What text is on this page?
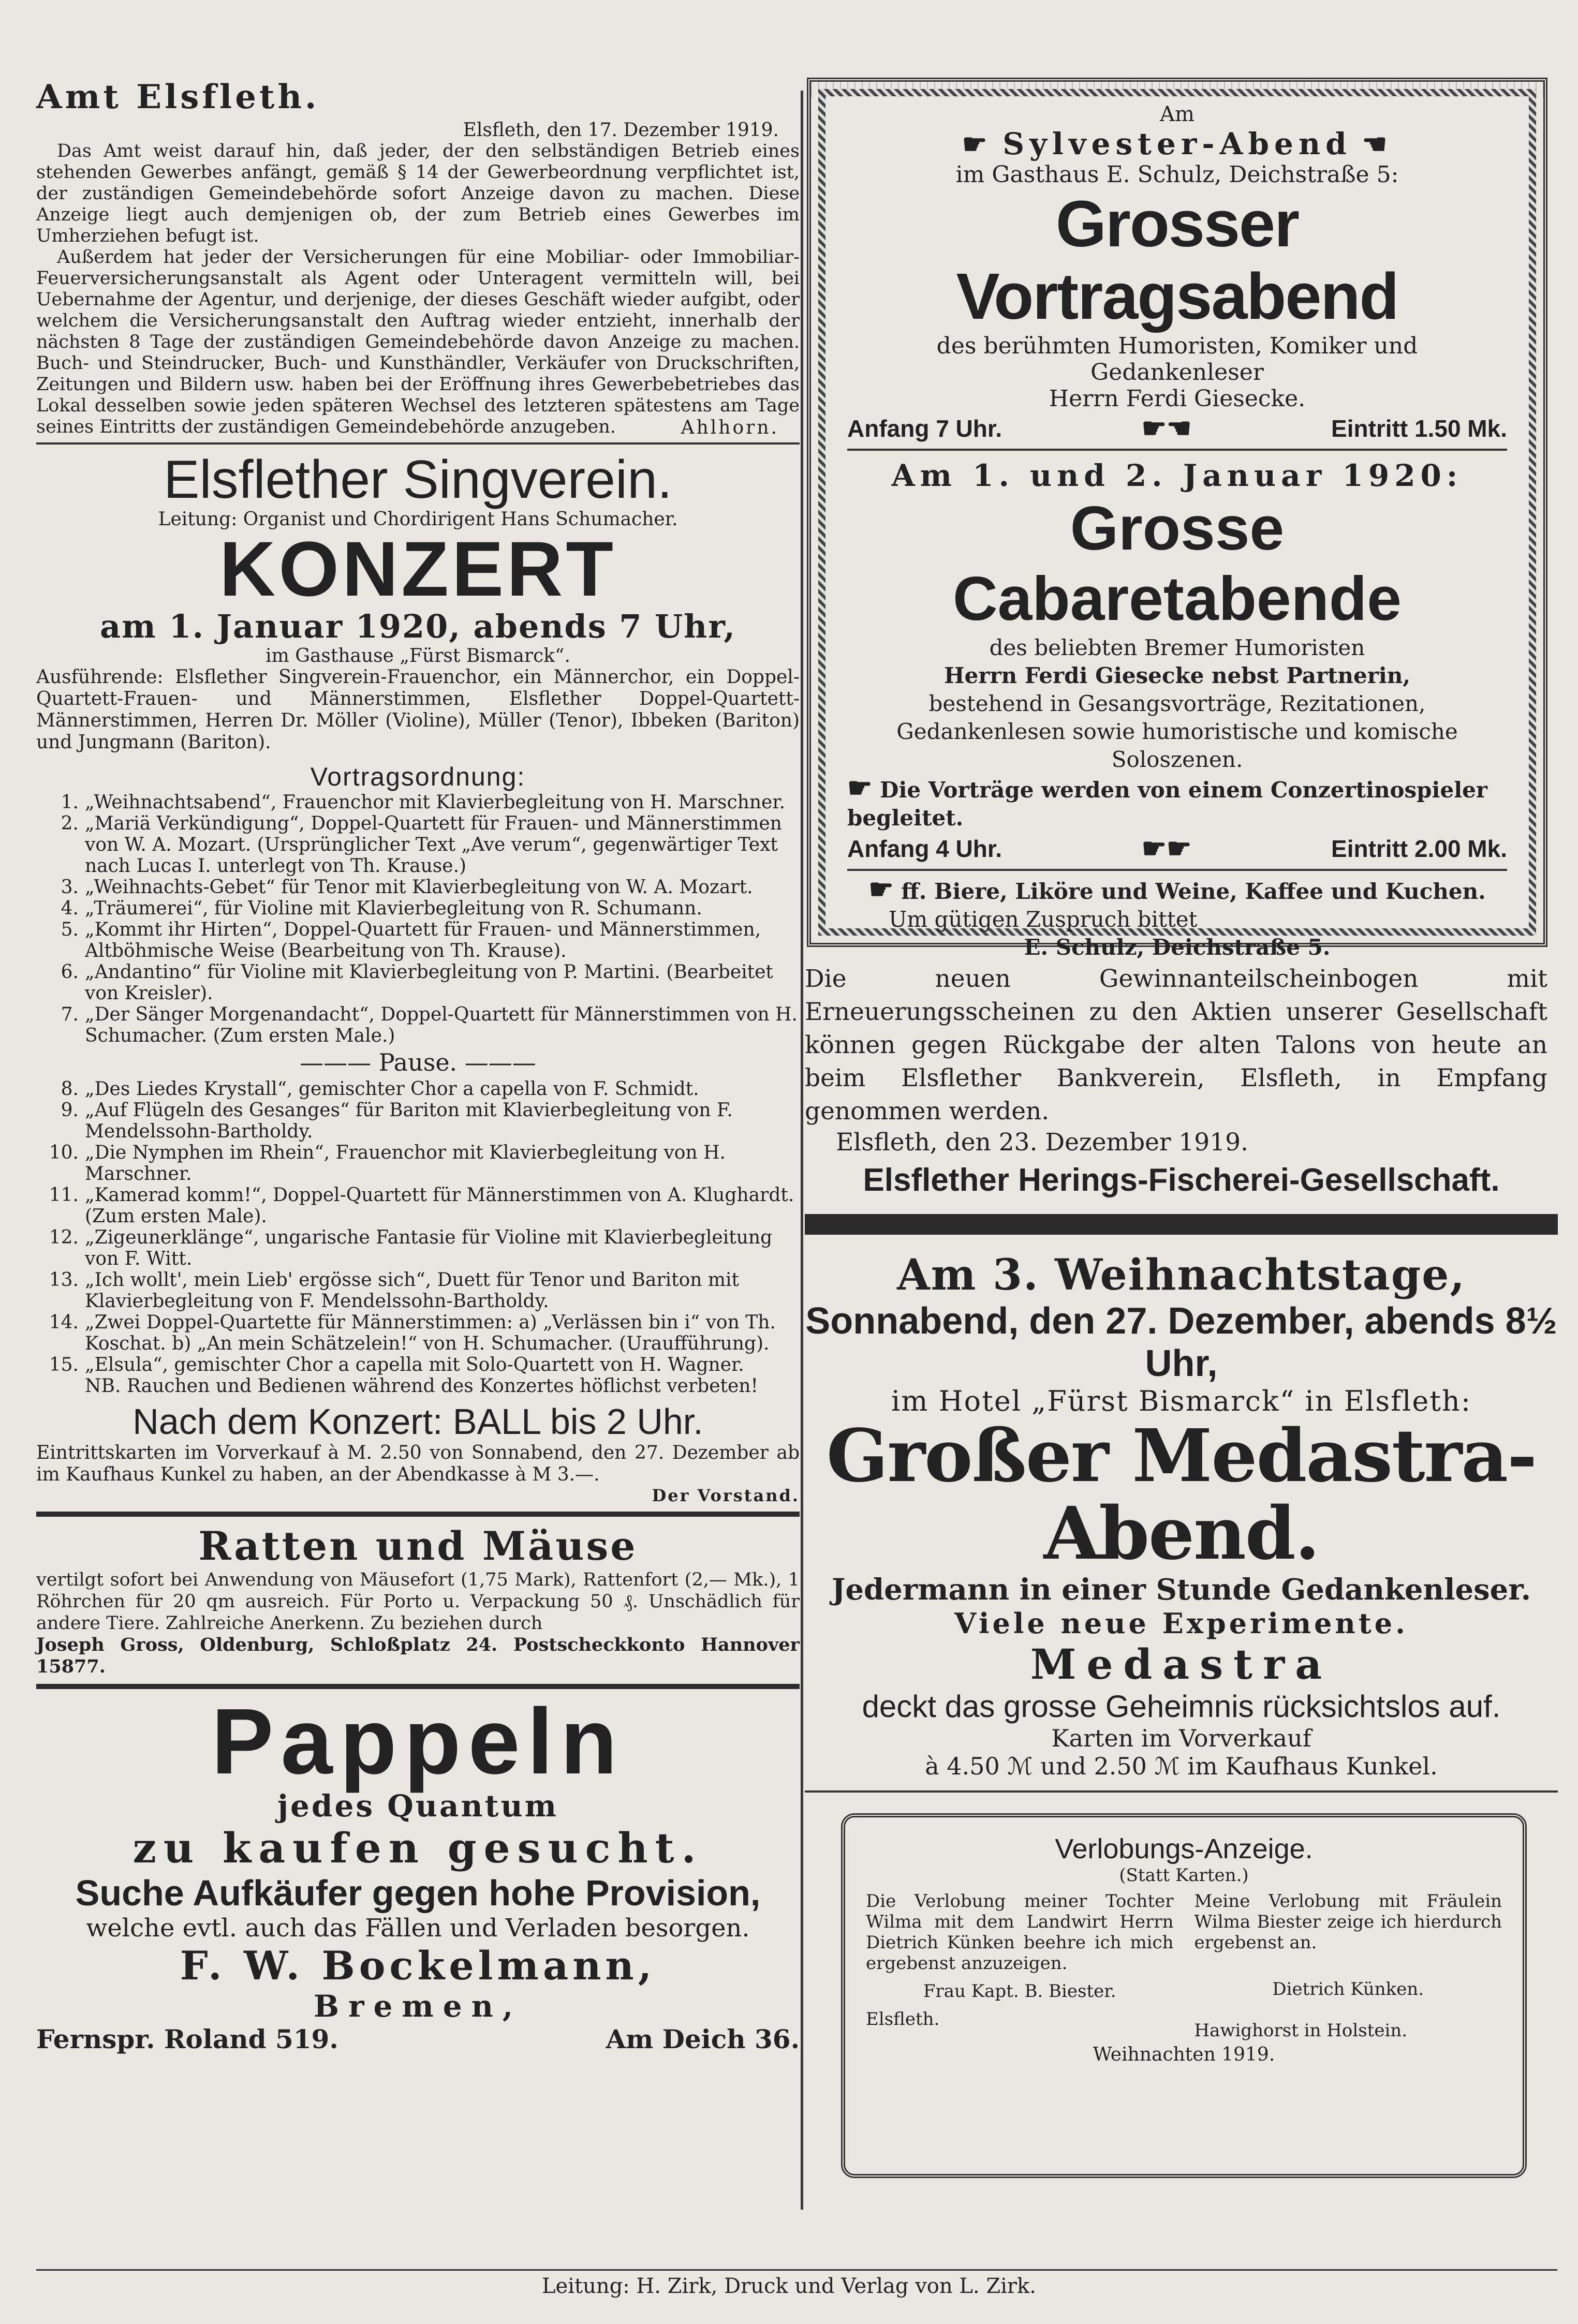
Amt Elsfleth.
Elsfleth, den 17. Dezember 1919.

Das Amt weist darauf hin, daß jeder, der den selbständigen Betrieb eines stehenden Gewerbes anfängt, gemäß § 14 der Gewerbeordnung verpflichtet ist, der zuständigen Gemeindebehörde sofort Anzeige davon zu machen. Diese Anzeige liegt auch demjenigen ob, der zum Betrieb eines Gewerbes im Umherziehen befugt ist.

Außerdem hat jeder der Versicherungen für eine Mobiliar- oder Immobiliar-Feuerversicherungsanstalt als Agent oder Unteragent vermitteln will, bei Uebernahme der Agentur, und derjenige, der dieses Geschäft wieder aufgibt, oder welchem die Versicherungsanstalt den Auftrag wieder entzieht, innerhalb der nächsten 8 Tage der zuständigen Gemeindebehörde davon Anzeige zu machen. Buch- und Steindrucker, Buch- und Kunsthändler, Verkäufer von Druckschriften, Zeitungen und Bildern usw. haben bei der Eröffnung ihres Gewerbebetriebes das Lokal desselben sowie jeden späteren Wechsel des letzteren spätestens am Tage seines Eintritts der zuständigen Gemeindebehörde anzugeben.	Ahlhorn.
Elsflether Singverein.
Leitung: Organist und Chordirigent Hans Schumacher.
KONZERT
am 1. Januar 1920, abends 7 Uhr,
im Gasthause „Fürst Bismarck“.
Ausführende: Elsflether Singverein-Frauenchor, ein Männerchor, ein Doppel-Quartett-Frauen- und Männerstimmen, Elsflether Doppel-Quartett-Männerstimmen, Herren Dr. Möller (Violine), Müller (Tenor), Ibbeken (Bariton) und Jungmann (Bariton).
Vortragsordnung:
1. „Weihnachtsabend“, Frauenchor mit Klavierbegleitung von H. Marschner.
2. „Mariä Verkündigung“, Doppel-Quartett für Frauen- und Männerstimmen von W. A. Mozart. (Ursprünglicher Text „Ave verum“, gegenwärtiger Text nach Lucas I. unterlegt von Th. Krause.)
3. „Weihnachts-Gebet“ für Tenor mit Klavierbegleitung von W. A. Mozart.
4. „Träumerei“, für Violine mit Klavierbegleitung von R. Schumann.
5. „Kommt ihr Hirten“, Doppel-Quartett für Frauen- und Männerstimmen, Altböhmische Weise (Bearbeitung von Th. Krause).
6. „Andantino“ für Violine mit Klavierbegleitung von P. Martini. (Bearbeitet von Kreisler).
7. „Der Sänger Morgenandacht“, Doppel-Quartett für Männerstimmen von H. Schumacher. (Zum ersten Male.)
——— Pause. ———
8. „Des Liedes Krystall“, gemischter Chor a capella von F. Schmidt.
9. „Auf Flügeln des Gesanges“ für Bariton mit Klavierbegleitung von F. Mendelssohn-Bartholdy.
10. „Die Nymphen im Rhein“, Frauenchor mit Klavierbegleitung von H. Marschner.
11. „Kamerad komm!“, Doppel-Quartett für Männerstimmen von A. Klughardt. (Zum ersten Male).
12. „Zigeunerklänge“, ungarische Fantasie für Violine mit Klavierbegleitung von F. Witt.
13. „Ich wollt', mein Lieb' ergösse sich“, Duett für Tenor und Bariton mit Klavierbegleitung von F. Mendelssohn-Bartholdy.
14. „Zwei Doppel-Quartette für Männerstimmen: a) „Verlässen bin i“ von Th. Koschat. b) „An mein Schätzelein!“ von H. Schumacher. (Uraufführung).
15. „Elsula“, gemischter Chor a capella mit Solo-Quartett von H. Wagner.
NB. Rauchen und Bedienen während des Konzertes höflichst verbeten!
Nach dem Konzert: BALL bis 2 Uhr.
Eintrittskarten im Vorverkauf à M. 2.50 von Sonnabend, den 27. Dezember ab im Kaufhaus Kunkel zu haben, an der Abendkasse à M 3.—.
Der Vorstand.
Ratten und Mäuse
vertilgt sofort bei Anwendung von Mäusefort (1,75 Mark), Rattenfort (2,— Mk.), 1 Röhrchen für 20 qm ausreich. Für Porto u. Verpackung 50 ₰. Unschädlich für andere Tiere. Zahlreiche Anerkenn. Zu beziehen durch
Joseph Gross, Oldenburg, Schloßplatz 24. Postscheckkonto Hannover 15877.
Pappeln
jedes Quantum
zu kaufen gesucht.
Suche Aufkäufer gegen hohe Provision,
welche evtl. auch das Fällen und Verladen besorgen.
F. W. Bockelmann,
Bremen,
Fernspr. Roland 519.	Am Deich 36.
Am
☛ Sylvester-Abend ☚
im Gasthaus E. Schulz, Deichstraße 5:
Grosser Vortragsabend
des berühmten Humoristen, Komiker und Gedankenleser
Herrn Ferdi Giesecke.
Anfang 7 Uhr.	☛☚	Eintritt 1.50 Mk.
Am 1. und 2. Januar 1920:
Grosse Cabaretabende
des beliebten Bremer Humoristen
Herrn Ferdi Giesecke nebst Partnerin,
bestehend in Gesangsvorträge, Rezitationen, Gedankenlesen sowie humoristische und komische Soloszenen.
☛ Die Vorträge werden von einem Conzertinospieler begleitet.
Anfang 4 Uhr.	☛☛	Eintritt 2.00 Mk.
☛ ff. Biere, Liköre und Weine, Kaffee und Kuchen.
Um gütigen Zuspruch bittet
E. Schulz, Deichstraße 5.
Die neuen Gewinnanteilscheinbogen mit Erneuerungsscheinen zu den Aktien unserer Gesellschaft können gegen Rückgabe der alten Talons von heute an beim Elsflether Bankverein, Elsfleth, in Empfang genommen werden.
Elsfleth, den 23. Dezember 1919.
Elsflether Herings-Fischerei-Gesellschaft.
Am 3. Weihnachtstage,
Sonnabend, den 27. Dezember, abends 8½ Uhr,
im Hotel „Fürst Bismarck“ in Elsfleth:
Großer Medastra-Abend.
Jedermann in einer Stunde Gedankenleser.
Viele neue Experimente.
Medastra
deckt das grosse Geheimnis rücksichtslos auf.
Karten im Vorverkauf
à 4.50 ℳ und 2.50 ℳ im Kaufhaus Kunkel.
Verlobungs-Anzeige.
(Statt Karten.)
Die Verlobung meiner Tochter Wilma mit dem Landwirt Herrn Dietrich Künken beehre ich mich ergebenst anzuzeigen.
Frau Kapt. B. Biester.
Elsfleth.
Meine Verlobung mit Fräulein Wilma Biester zeige ich hierdurch ergebenst an.
Dietrich Künken.
Hawighorst in Holstein.
Weihnachten 1919.
Leitung: H. Zirk, Druck und Verlag von L. Zirk.
